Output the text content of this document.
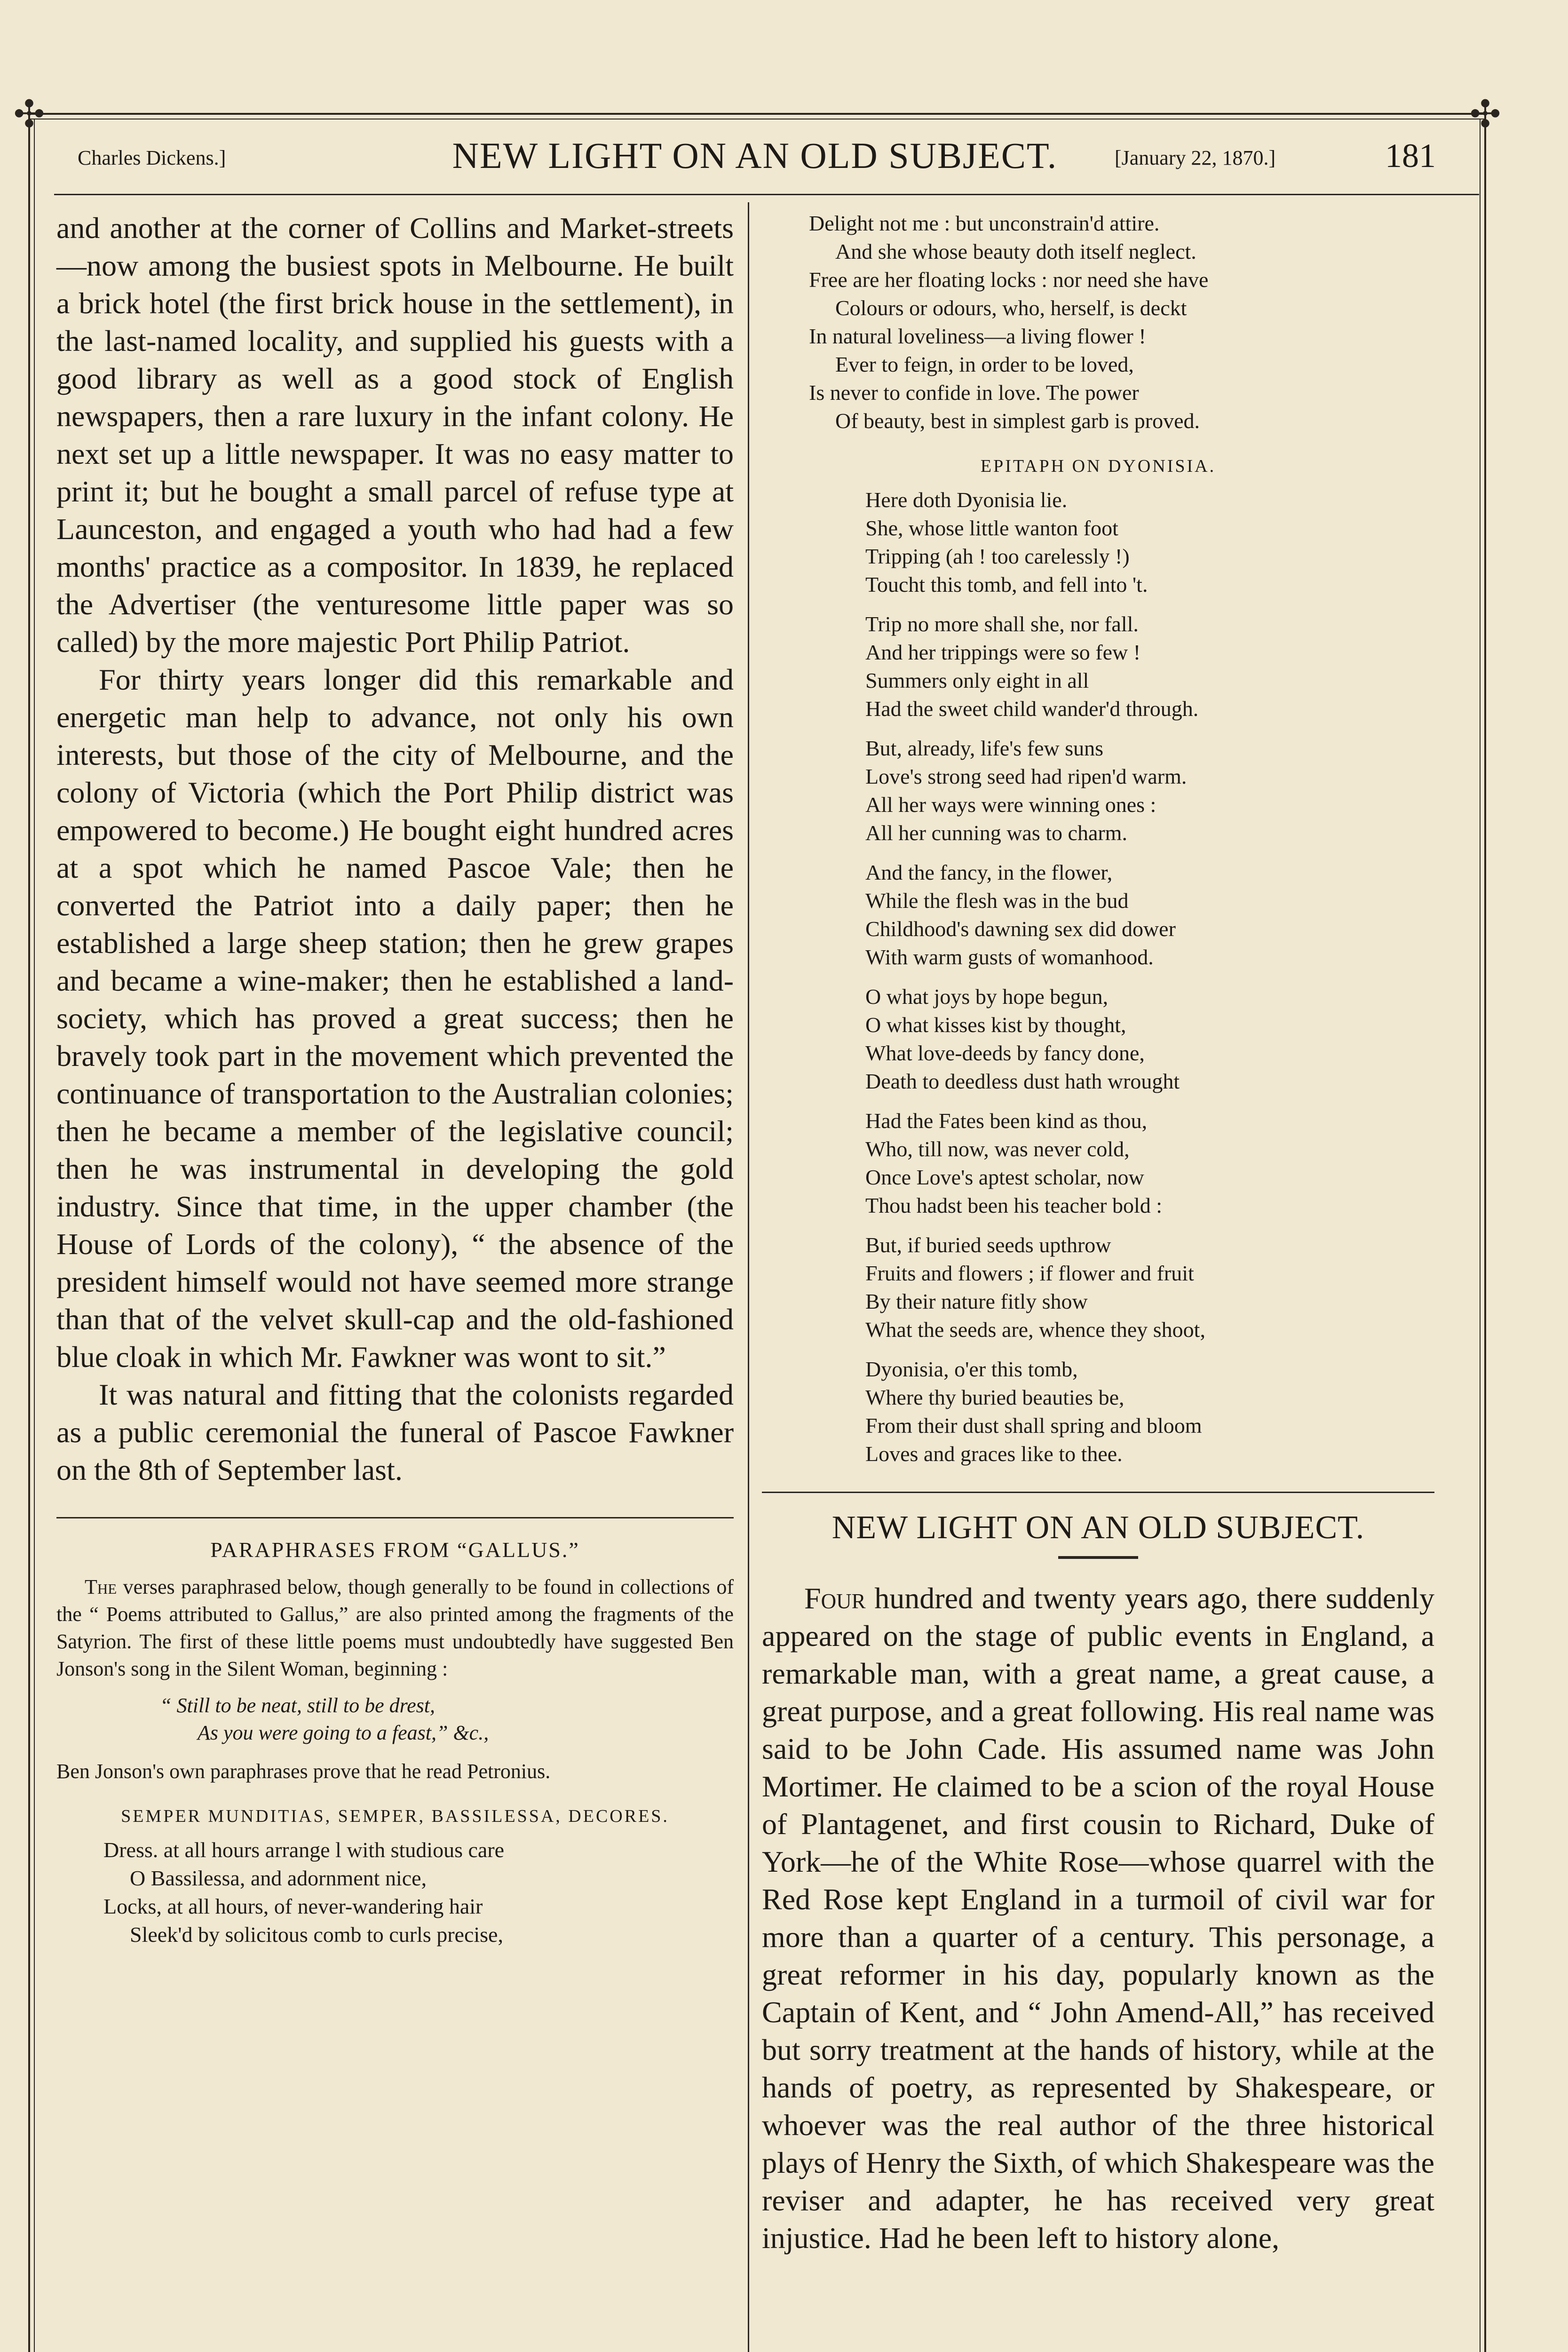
✣	✣
Charles Dickens.]	NEW LIGHT ON AN OLD SUBJECT.	[January 22, 1870.]	181

and another at the corner of Collins and Market-streets—now among the busiest spots in Melbourne. He built a brick hotel (the first brick house in the settlement), in the last-named locality, and supplied his guests with a good library as well as a good stock of English newspapers, then a rare luxury in the infant colony. He next set up a little newspaper. It was no easy matter to print it; but he bought a small parcel of refuse type at Launceston, and engaged a youth who had had a few months' practice as a compositor. In 1839, he replaced the Advertiser (the venturesome little paper was so called) by the more majestic Port Philip Patriot.

For thirty years longer did this remarkable and energetic man help to advance, not only his own interests, but those of the city of Melbourne, and the colony of Victoria (which the Port Philip district was empowered to become.) He bought eight hundred acres at a spot which he named Pascoe Vale; then he converted the Patriot into a daily paper; then he established a large sheep station; then he grew grapes and became a wine-maker; then he established a land-society, which has proved a great success; then he bravely took part in the movement which prevented the continuance of transportation to the Australian colonies; then he became a member of the legislative council; then he was instrumental in developing the gold industry. Since that time, in the upper chamber (the House of Lords of the colony), “ the absence of the president himself would not have seemed more strange than that of the velvet skull-cap and the old-fashioned blue cloak in which Mr. Fawkner was wont to sit.”

It was natural and fitting that the colonists regarded as a public ceremonial the funeral of Pascoe Fawkner on the 8th of September last.

PARAPHRASES FROM “GALLUS.”

The verses paraphrased below, though generally to be found in collections of the “ Poems attributed to Gallus,” are also printed among the fragments of the Satyrion. The first of these little poems must undoubtedly have suggested Ben Jonson's song in the Silent Woman, beginning :

“ Still to be neat, still to be drest,
As you were going to a feast,” &c.,

Ben Jonson's own paraphrases prove that he read Petronius.

SEMPER MUNDITIAS, SEMPER, BASSILESSA, DECORES.
Dress. at all hours arrange l with studious care
O Bassilessa, and adornment nice,
Locks, at all hours, of never-wandering hair
Sleek'd by solicitous comb to curls precise,
Delight not me : but unconstrain'd attire.
And she whose beauty doth itself neglect.
Free are her floating locks : nor need she have
Colours or odours, who, herself, is deckt
In natural loveliness—a living flower !
Ever to feign, in order to be loved,
Is never to confide in love. The power
Of beauty, best in simplest garb is proved.
EPITAPH ON DYONISIA.
Here doth Dyonisia lie.
She, whose little wanton foot
Tripping (ah ! too carelessly !)
Toucht this tomb, and fell into 't.
Trip no more shall she, nor fall.
And her trippings were so few !
Summers only eight in all
Had the sweet child wander'd through.
But, already, life's few suns
Love's strong seed had ripen'd warm.
All her ways were winning ones :
All her cunning was to charm.
And the fancy, in the flower,
While the flesh was in the bud
Childhood's dawning sex did dower
With warm gusts of womanhood.
O what joys by hope begun,
O what kisses kist by thought,
What love-deeds by fancy done,
Death to deedless dust hath wrought
Had the Fates been kind as thou,
Who, till now, was never cold,
Once Love's aptest scholar, now
Thou hadst been his teacher bold :
But, if buried seeds upthrow
Fruits and flowers ; if flower and fruit
By their nature fitly show
What the seeds are, whence they shoot,
Dyonisia, o'er this tomb,
Where thy buried beauties be,
From their dust shall spring and bloom
Loves and graces like to thee.
NEW LIGHT ON AN OLD SUBJECT.

Four hundred and twenty years ago, there suddenly appeared on the stage of public events in England, a remarkable man, with a great name, a great cause, a great purpose, and a great following. His real name was said to be John Cade. His assumed name was John Mortimer. He claimed to be a scion of the royal House of Plantagenet, and first cousin to Richard, Duke of York—he of the White Rose—whose quarrel with the Red Rose kept England in a turmoil of civil war for more than a quarter of a century. This personage, a great reformer in his day, popularly known as the Captain of Kent, and “ John Amend-All,” has received but sorry treatment at the hands of history, while at the hands of poetry, as represented by Shakespeare, or whoever was the real author of the three historical plays of Henry the Sixth, of which Shakespeare was the reviser and adapter, he has received very great injustice. Had he been left to history alone,
